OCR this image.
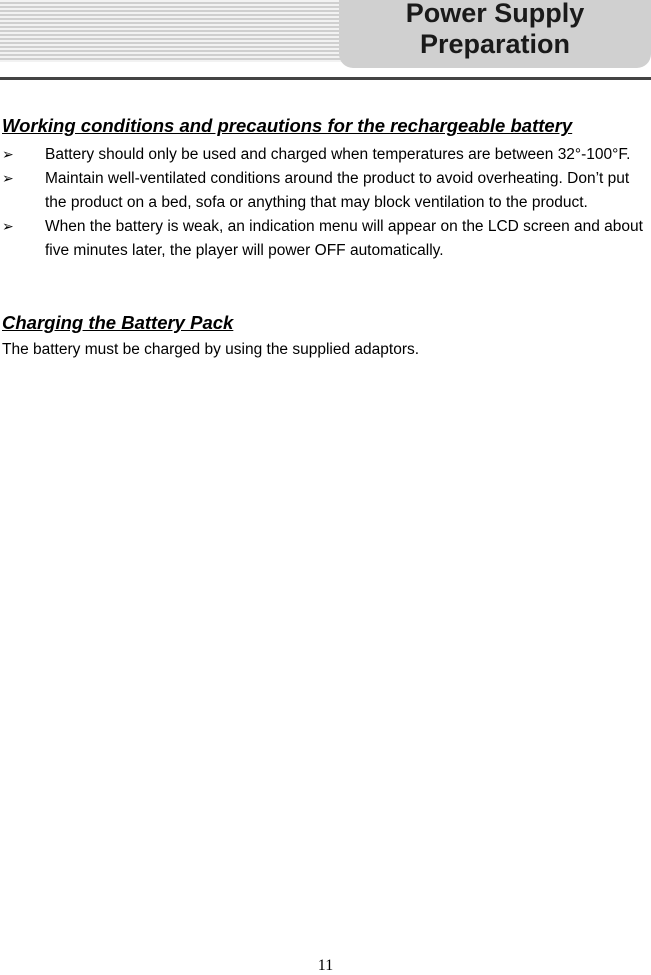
Power Supply
Preparation
Working conditions and precautions for the rechargeable battery
➢ Battery should only be used and charged when temperatures are between 32°-100°F.
➢ Maintain well-ventilated conditions around the product to avoid overheating. Don’t put the product on a bed, sofa or anything that may block ventilation to the product.
➢ When the battery is weak, an indication menu will appear on the LCD screen and about five minutes later, the player will power OFF automatically.
Charging the Battery Pack
The battery must be charged by using the supplied adaptors.
11
